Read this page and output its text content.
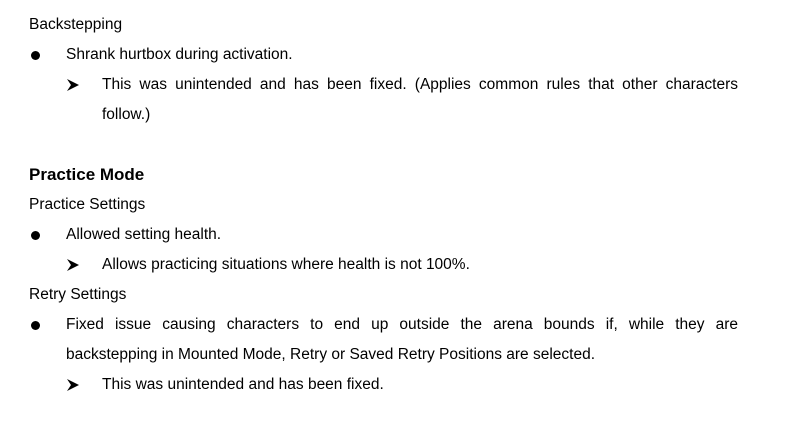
Backstepping
Shrank hurtbox during activation.
This was unintended and has been fixed. (Applies common rules that other characters
follow.)
Practice Mode
Practice Settings
Allowed setting health.
Allows practicing situations where health is not 100%.
Retry Settings
Fixed issue causing characters to end up outside the arena bounds if, while they are
backstepping in Mounted Mode, Retry or Saved Retry Positions are selected.
This was unintended and has been fixed.
